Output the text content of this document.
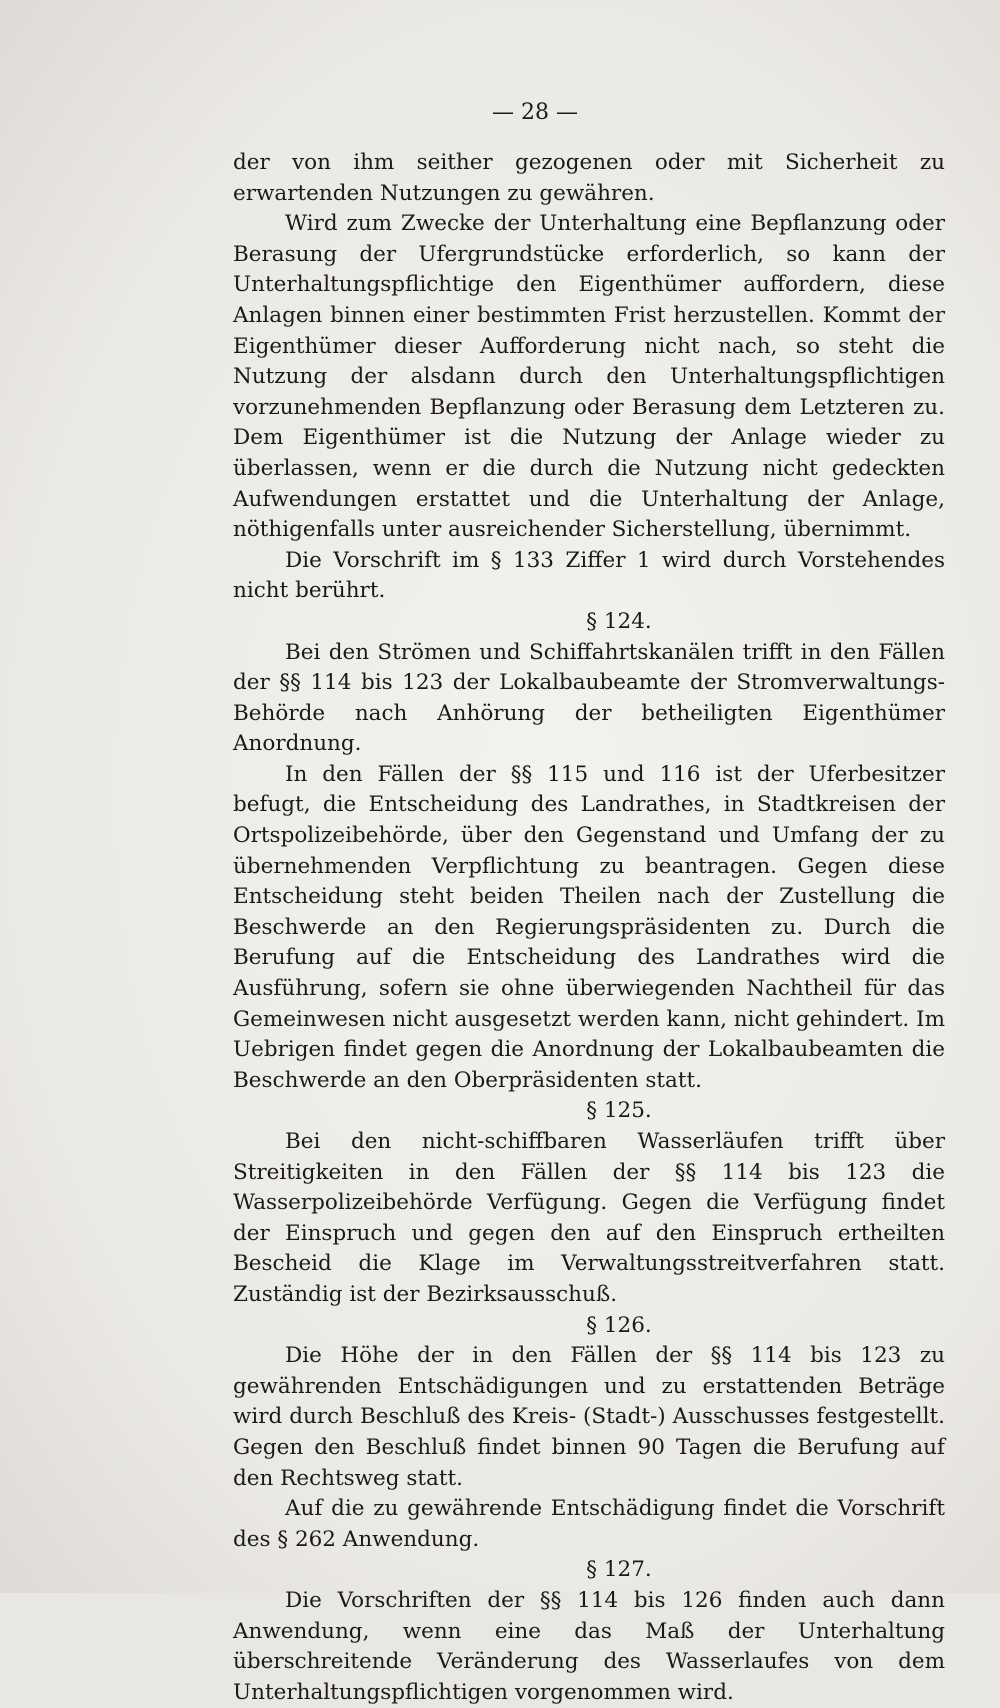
— 28 —

der von ihm seither gezogenen oder mit Sicherheit zu erwartenden Nutzungen zu gewähren.

Wird zum Zwecke der Unterhaltung eine Bepflanzung oder Berasung der Ufergrundstücke erforderlich, so kann der Unterhaltungspflichtige den Eigenthümer auffordern, diese Anlagen binnen einer bestimmten Frist herzustellen. Kommt der Eigenthümer dieser Aufforderung nicht nach, so steht die Nutzung der alsdann durch den Unterhaltungspflichtigen vorzunehmenden Bepflanzung oder Berasung dem Letzteren zu. Dem Eigenthümer ist die Nutzung der Anlage wieder zu überlassen, wenn er die durch die Nutzung nicht gedeckten Aufwendungen erstattet und die Unterhaltung der Anlage, nöthigenfalls unter ausreichender Sicherstellung, übernimmt.

Die Vorschrift im § 133 Ziffer 1 wird durch Vorstehendes nicht berührt.

§ 124.

Bei den Strömen und Schiffahrtskanälen trifft in den Fällen der §§ 114 bis 123 der Lokalbaubeamte der Stromverwaltungs-Behörde nach Anhörung der betheiligten Eigenthümer Anordnung.

In den Fällen der §§ 115 und 116 ist der Uferbesitzer befugt, die Entscheidung des Landrathes, in Stadtkreisen der Ortspolizeibehörde, über den Gegenstand und Umfang der zu übernehmenden Verpflichtung zu beantragen. Gegen diese Entscheidung steht beiden Theilen nach der Zustellung die Beschwerde an den Regierungspräsidenten zu. Durch die Berufung auf die Entscheidung des Landrathes wird die Ausführung, sofern sie ohne überwiegenden Nachtheil für das Gemeinwesen nicht ausgesetzt werden kann, nicht gehindert. Im Uebrigen findet gegen die Anordnung der Lokalbaubeamten die Beschwerde an den Oberpräsidenten statt.

§ 125.

Bei den nicht-schiffbaren Wasserläufen trifft über Streitigkeiten in den Fällen der §§ 114 bis 123 die Wasserpolizeibehörde Verfügung. Gegen die Verfügung findet der Einspruch und gegen den auf den Einspruch ertheilten Bescheid die Klage im Verwaltungsstreitverfahren statt. Zuständig ist der Bezirksausschuß.

§ 126.

Die Höhe der in den Fällen der §§ 114 bis 123 zu gewährenden Entschädigungen und zu erstattenden Beträge wird durch Beschluß des Kreis- (Stadt-) Ausschusses festgestellt. Gegen den Beschluß findet binnen 90 Tagen die Berufung auf den Rechtsweg statt.

Auf die zu gewährende Entschädigung findet die Vorschrift des § 262 Anwendung.

§ 127.

Die Vorschriften der §§ 114 bis 126 finden auch dann Anwendung, wenn eine das Maß der Unterhaltung überschreitende Veränderung des Wasserlaufes von dem Unterhaltungspflichtigen vorgenommen wird.
